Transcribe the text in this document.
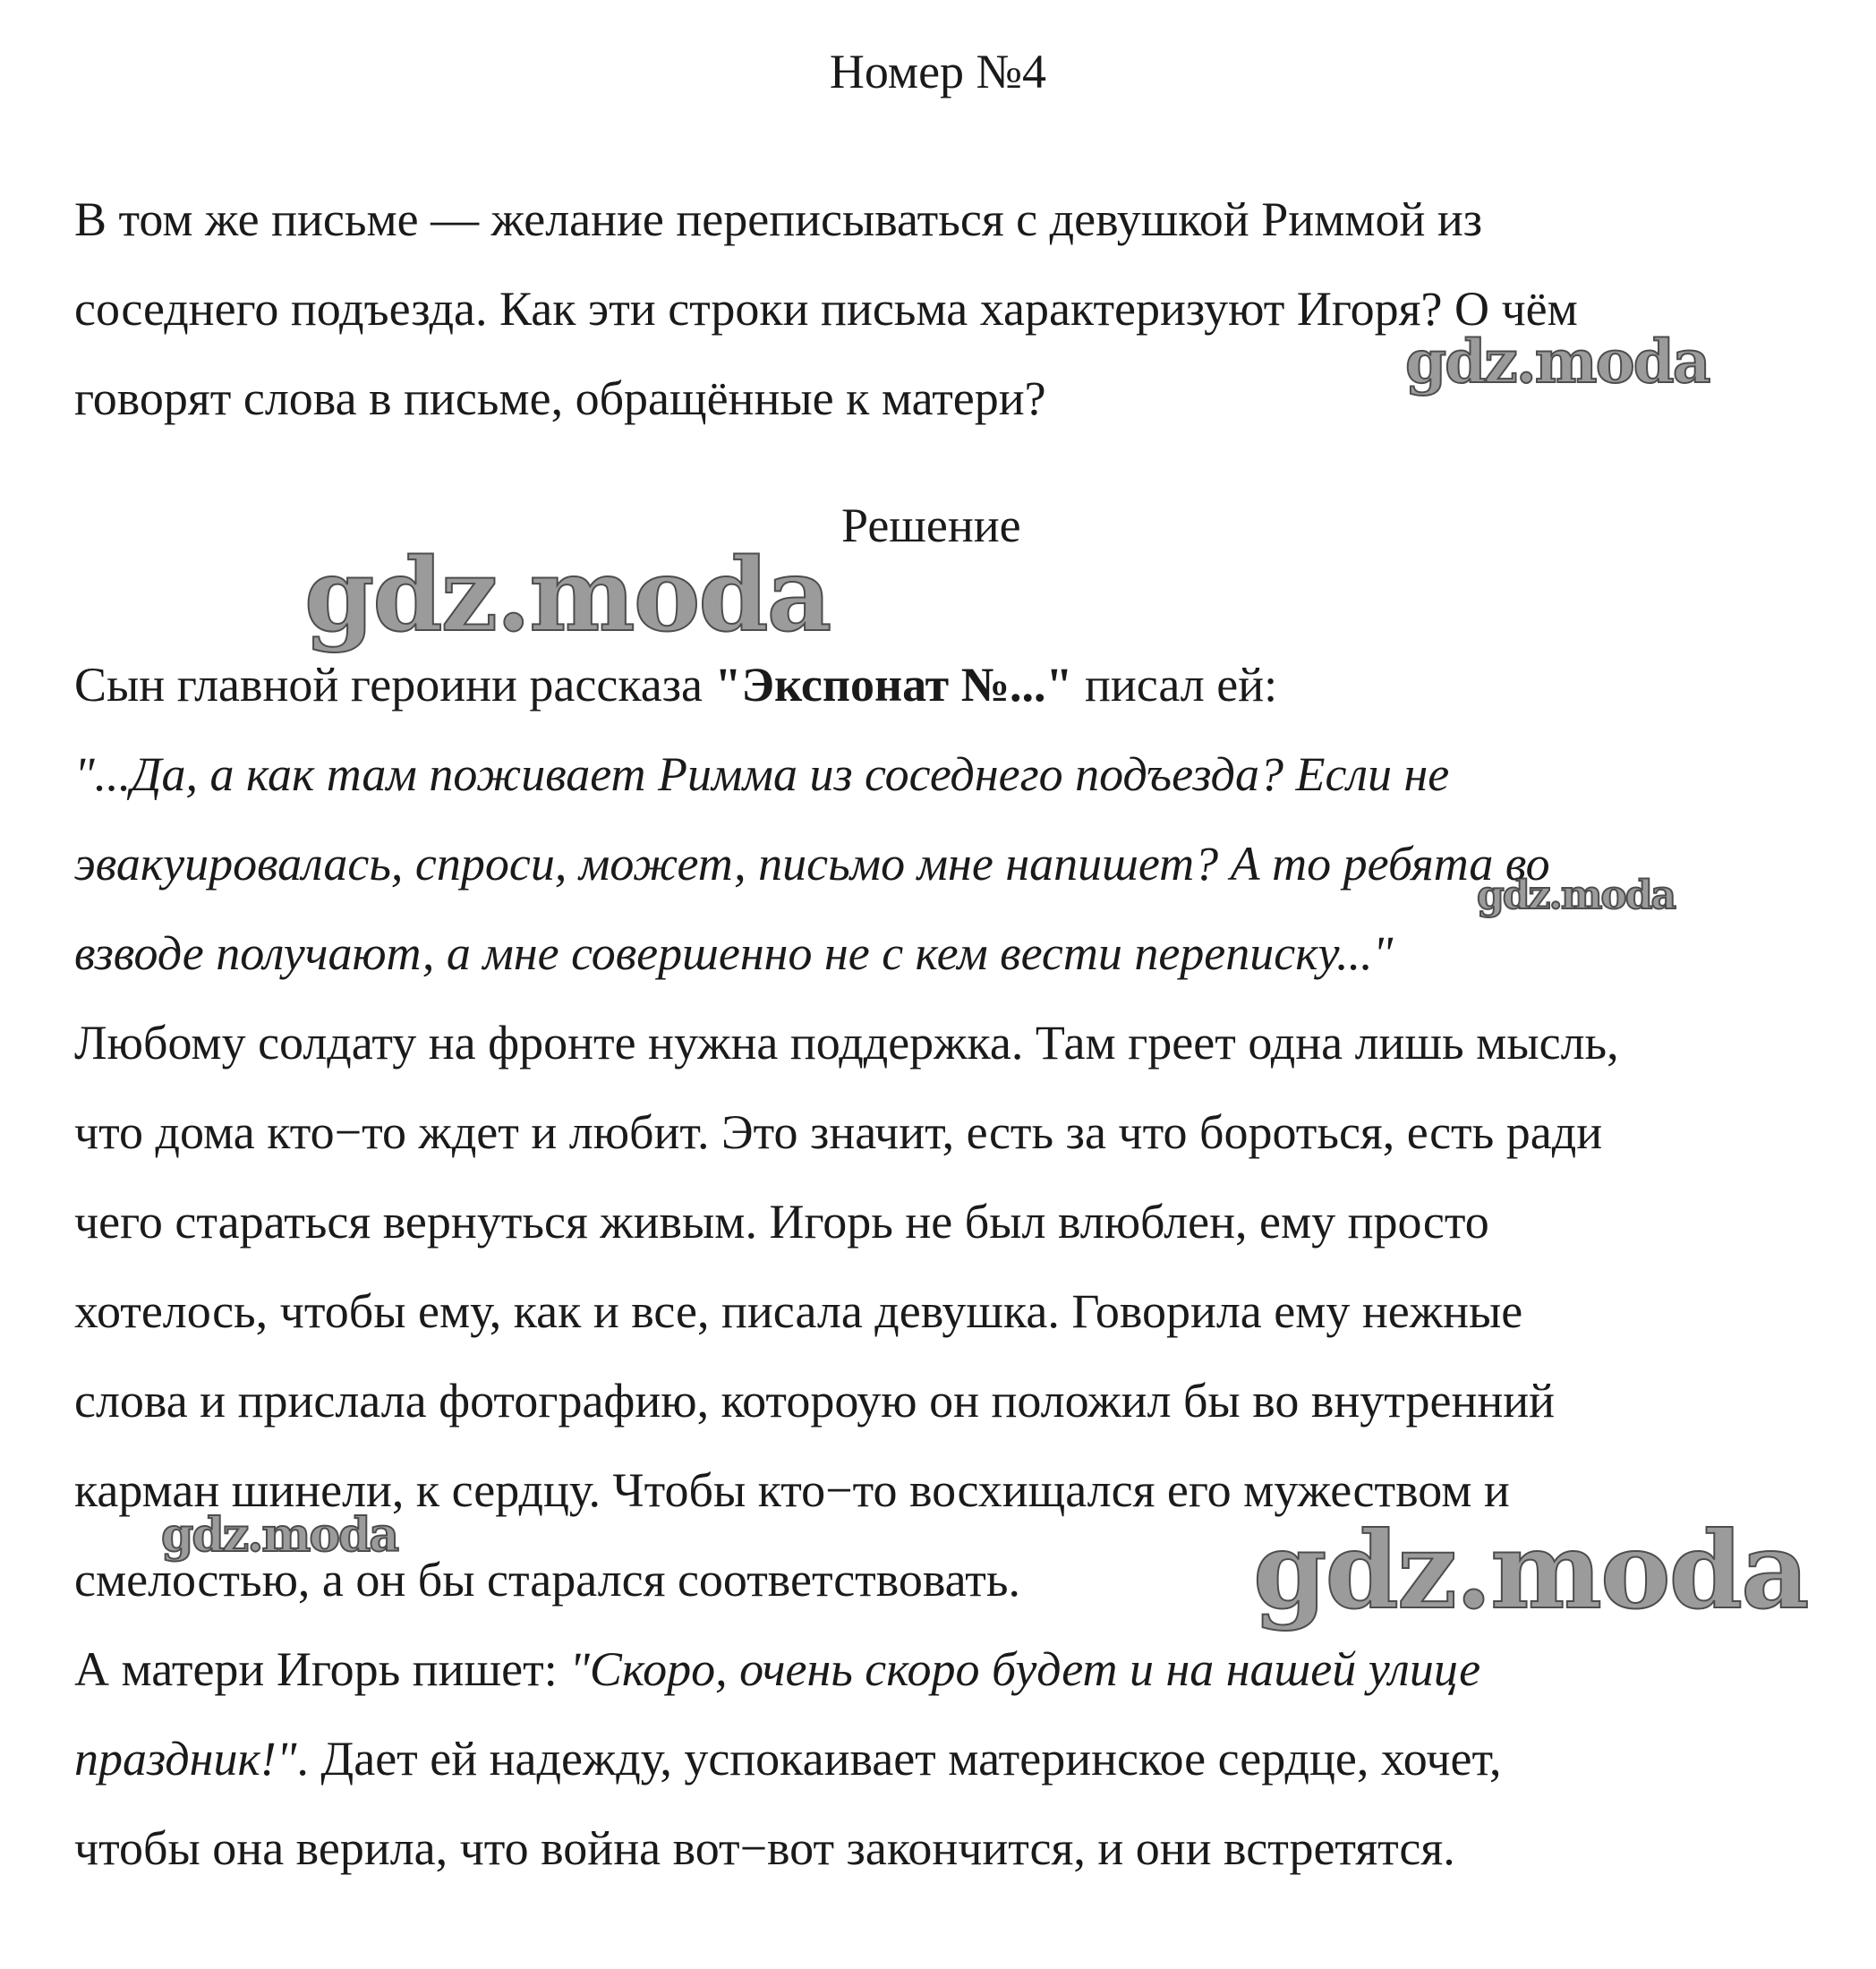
Номер №4
В том же письме — желание переписываться с девушкой Риммой из
соседнего подъезда. Как эти строки письма характеризуют Игоря? О чём
говорят слова в письме, обращённые к матери?
Решение
Сын главной героини рассказа "Экспонат №..." писал ей:
"...Да, а как там поживает Римма из соседнего подъезда? Если не
эвакуировалась, спроси, может, письмо мне напишет? А то ребята во
взводе получают, а мне совершенно не с кем вести переписку..."
Любому солдату на фронте нужна поддержка. Там греет одна лишь мысль,
что дома кто−то ждет и любит. Это значит, есть за что бороться, есть ради
чего стараться вернуться живым. Игорь не был влюблен, ему просто
хотелось, чтобы ему, как и все, писала девушка. Говорила ему нежные
слова и прислала фотографию, котороую он положил бы во внутренний
карман шинели, к сердцу. Чтобы кто−то восхищался его мужеством и
смелостью, а он бы старался соответствовать.
А матери Игорь пишет: "Скоро, очень скоро будет и на нашей улице
праздник!". Дает ей надежду, успокаивает материнское сердце, хочет,
чтобы она верила, что война вот−вот закончится, и они встретятся.
gdz.moda
gdz.moda
gdz.moda
gdz.moda	gdz.moda
